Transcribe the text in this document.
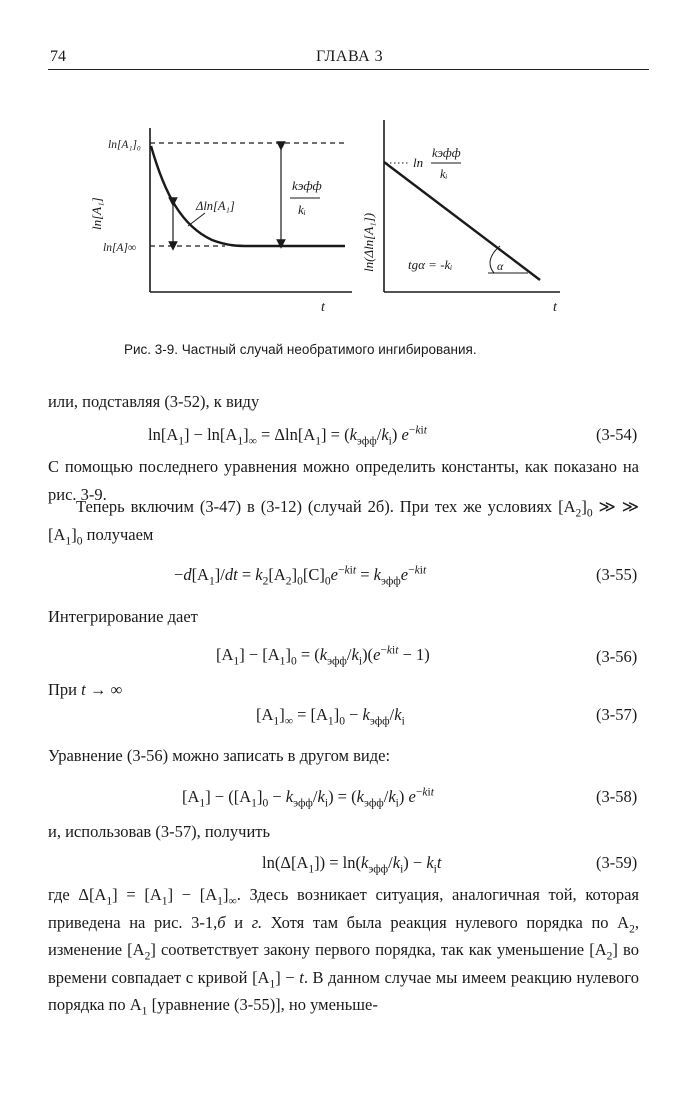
74	ГЛАВА 3
ln[A₁]
ln[A₁]₀
ln[A]∞
Δln[A₁]
kэфф
kᵢ
t
ln(Δln[A₁])
ln
kэфф
kᵢ
tgα = -kᵢ	α
t
Рис. 3-9. Частный случай необратимого ингибирования.
или, подставляя (3-52), к виду
$\ln[A_1] - \ln[A_1]_\infty = \Delta\ln[A_1] = (k_{эфф}/k_i)$ $e^{-kit}$	(3-54)
С помощью последнего уравнения можно определить константы, как показано на рис. 3-9.
Теперь включим (3-47) в (3-12) (случай 2б). При тех же условиях $[A_2]_0$ ≫ ≫ $[A_1]_0$ получаем
$-d[A_1]/dt = k_2[A_2]_0[C]_0e^{-kit} = k_{эфф}e^{-kit}$	(3-55)
Интегрирование дает
$[A_1] - [A_1]_0 = (k_{эфф}/k_i)(e^{-kit} - 1)$	(3-56)
При t → ∞
$[A_1]_\infty = [A_1]_0 - k_{эфф}/k_i$	(3-57)
Уравнение (3-56) можно записать в другом виде:
$[A_1] - ([A_1]_0 - k_{эфф}/k_i) = (k_{эфф}/k_i)$ $e^{-kit}$	(3-58)
и, использовав (3-57), получить
$\ln(\Delta[A_1]) = \ln(k_{эфф}/k_i) - k_it$	(3-59)
где $\Delta[A_1] = [A_1] - [A_1]_\infty$. Здесь возникает ситуация, аналогичная той, которая приведена на рис. 3-1,б и г. Хотя там была реакция нулевого порядка по $A_2$, изменение $[A_2]$ соответствует закону первого порядка, так как уменьшение $[A_2]$ во времени совпадает с кривой $[A_1] - t$. В данном случае мы имеем реакцию нулевого порядка по $A_1$ [уравнение (3-55)], но уменьше-
